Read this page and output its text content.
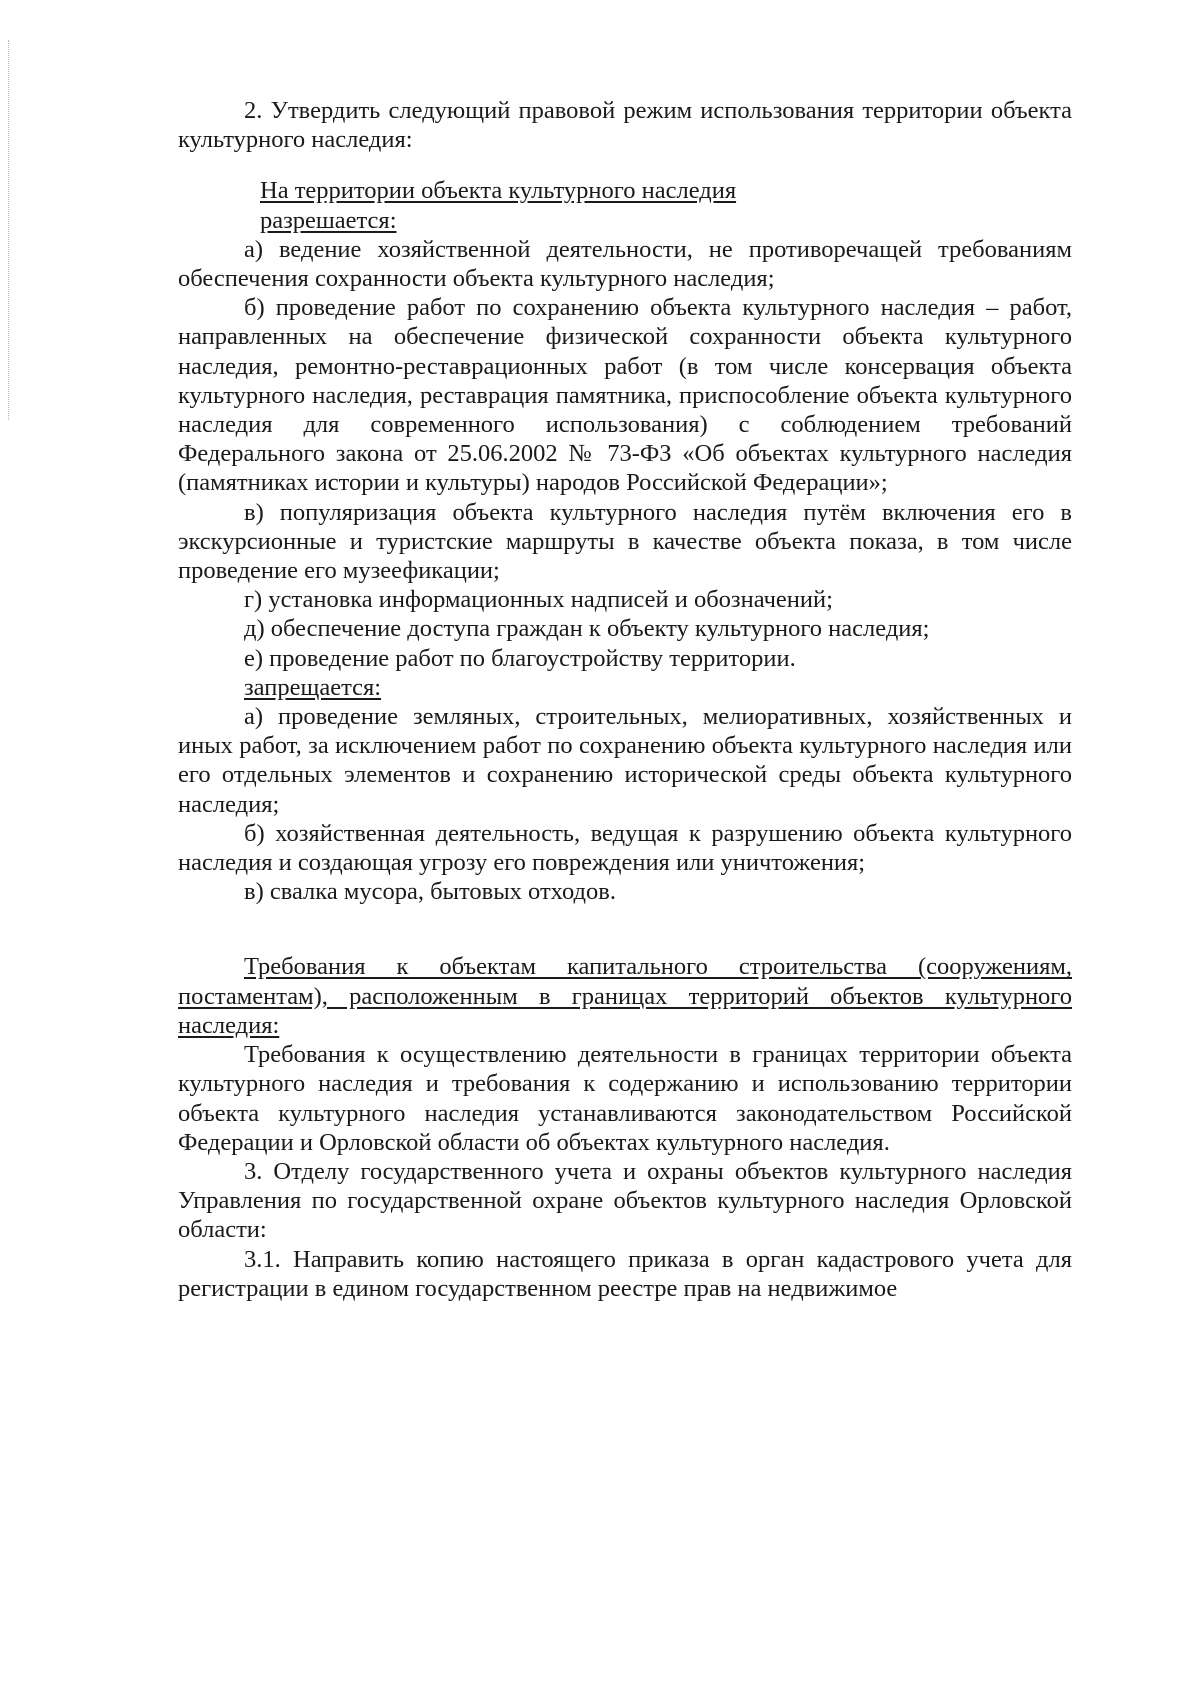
2. Утвердить следующий правовой режим использования территории объекта культурного наследия:

На территории объекта культурного наследия

разрешается:

а) ведение хозяйственной деятельности, не противоречащей требованиям обеспечения сохранности объекта культурного наследия;

б) проведение работ по сохранению объекта культурного наследия – работ, направленных на обеспечение физической сохранности объекта культурного наследия, ремонтно-реставрационных работ (в том числе консервация объекта культурного наследия, реставрация памятника, приспособление объекта культурного наследия для современного использования) с соблюдением требований Федерального закона от 25.06.2002 № 73-ФЗ «Об объектах культурного наследия (памятниках истории и культуры) народов Российской Федерации»;

в) популяризация объекта культурного наследия путём включения его в экскурсионные и туристские маршруты в качестве объекта показа, в том числе проведение его музеефикации;

г) установка информационных надписей и обозначений;

д) обеспечение доступа граждан к объекту культурного наследия;

е) проведение работ по благоустройству территории.

запрещается:

а) проведение земляных, строительных, мелиоративных, хозяйственных и иных работ, за исключением работ по сохранению объекта культурного наследия или его отдельных элементов и сохранению исторической среды объекта культурного наследия;

б) хозяйственная деятельность, ведущая к разрушению объекта культурного наследия и создающая угрозу его повреждения или уничтожения;

в) свалка мусора, бытовых отходов.

Требования к объектам капитального строительства (сооружениям, постаментам), расположенным в границах территорий объектов культурного наследия:

Требования к осуществлению деятельности в границах территории объекта культурного наследия и требования к содержанию и использованию территории объекта культурного наследия устанавливаются законодательством Российской Федерации и Орловской области об объектах культурного наследия.

3. Отделу государственного учета и охраны объектов культурного наследия Управления по государственной охране объектов культурного наследия Орловской области:

3.1. Направить копию настоящего приказа в орган кадастрового учета для регистрации в едином государственном реестре прав на недвижимое
